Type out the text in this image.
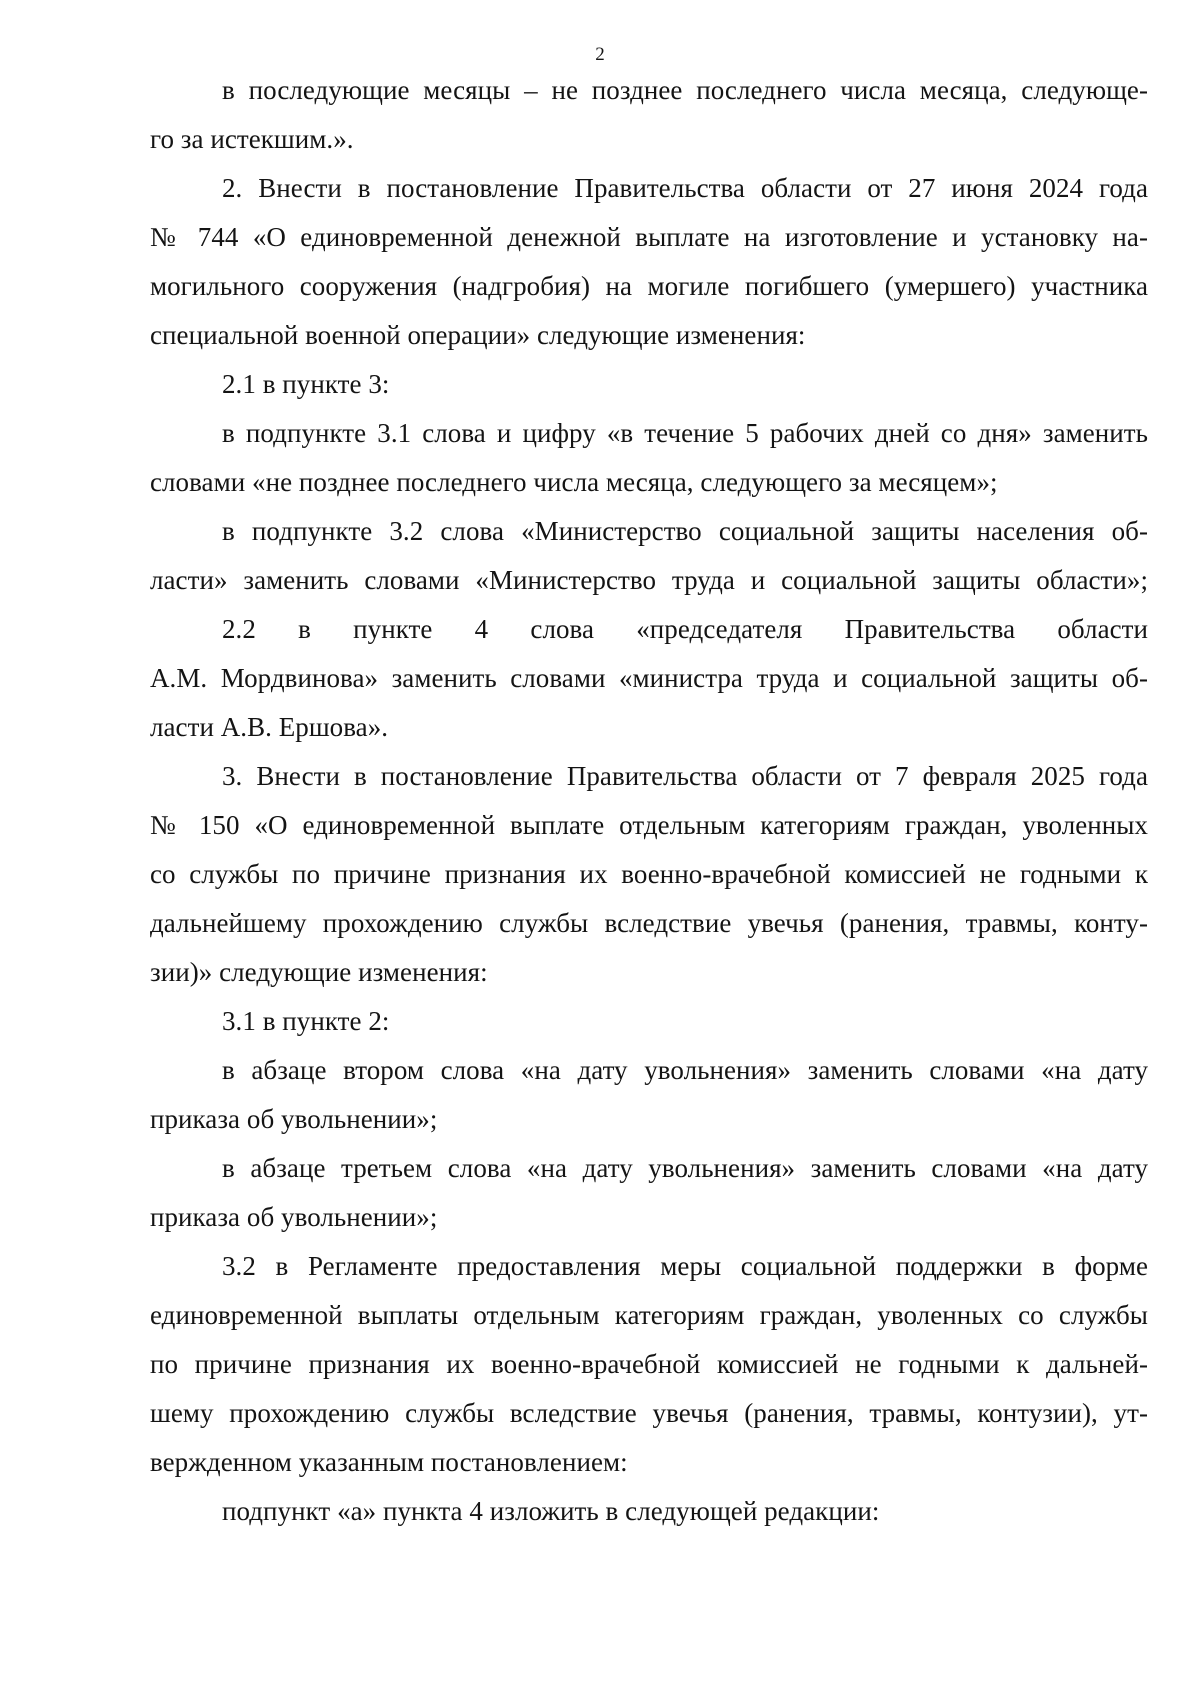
2
в последующие месяцы – не позднее последнего числа месяца, следующе-
го за истекшим.».
2. Внести в постановление Правительства области от 27 июня 2024 года
№ 744 «О единовременной денежной выплате на изготовление и установку на-
могильного сооружения (надгробия) на могиле погибшего (умершего) участника
специальной военной операции» следующие изменения:
2.1 в пункте 3:
в подпункте 3.1 слова и цифру «в течение 5 рабочих дней со дня» заменить
словами «не позднее последнего числа месяца, следующего за месяцем»;
в подпункте 3.2 слова «Министерство социальной защиты населения об-
ласти» заменить словами «Министерство труда и социальной защиты области»;
2.2 в пункте 4 слова «председателя Правительства области
А.М. Мордвинова» заменить словами «министра труда и социальной защиты об-
ласти А.В. Ершова».
3. Внести в постановление Правительства области от 7 февраля 2025 года
№ 150 «О единовременной выплате отдельным категориям граждан, уволенных
со службы по причине признания их военно-врачебной комиссией не годными к
дальнейшему прохождению службы вследствие увечья (ранения, травмы, конту-
зии)» следующие изменения:
3.1 в пункте 2:
в абзаце втором слова «на дату увольнения» заменить словами «на дату
приказа об увольнении»;
в абзаце третьем слова «на дату увольнения» заменить словами «на дату
приказа об увольнении»;
3.2 в Регламенте предоставления меры социальной поддержки в форме
единовременной выплаты отдельным категориям граждан, уволенных со службы
по причине признания их военно-врачебной комиссией не годными к дальней-
шему прохождению службы вследствие увечья (ранения, травмы, контузии), ут-
вержденном указанным постановлением:
подпункт «а» пункта 4 изложить в следующей редакции:
